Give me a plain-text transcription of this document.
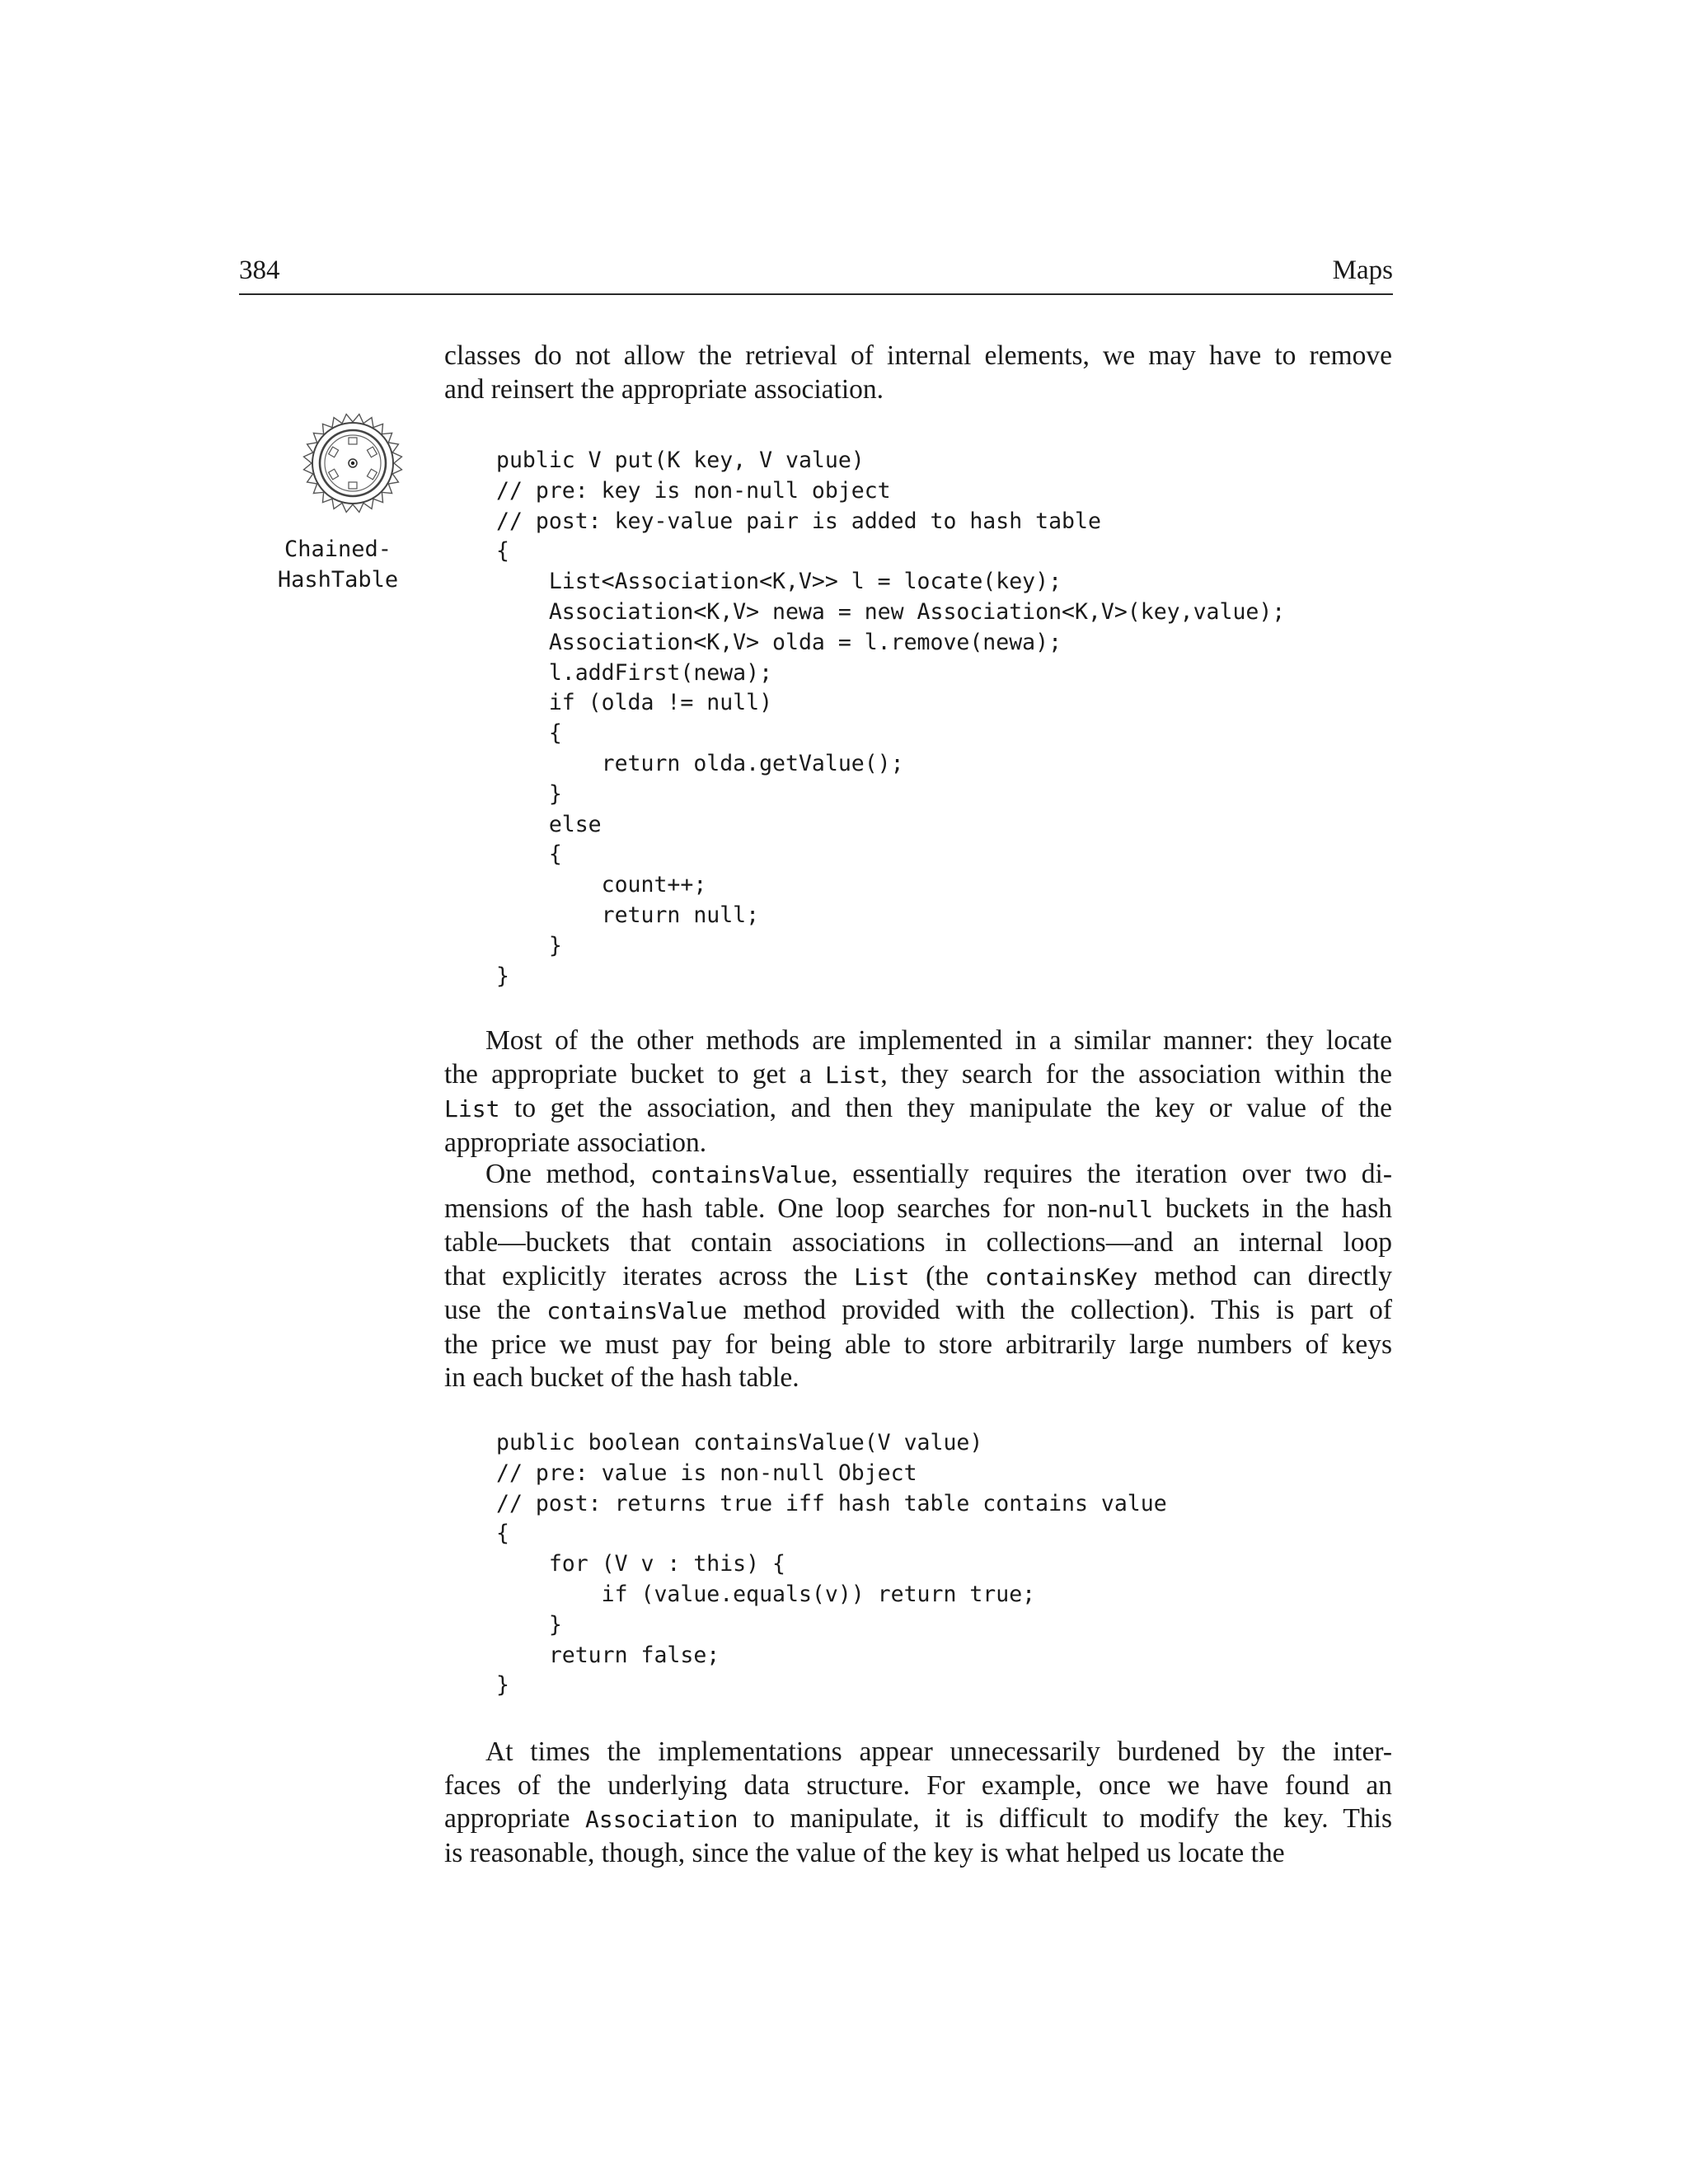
384	Maps
classes do not allow the retrieval of internal elements, we may have to remove
and reinsert the appropriate association.
Chained-
HashTable
public V put(K key, V value)
// pre: key is non-null object
// post: key-value pair is added to hash table
{
List<Association<K,V>> l = locate(key);
Association<K,V> newa = new Association<K,V>(key,value);
Association<K,V> olda = l.remove(newa);
l.addFirst(newa);
if (olda != null)
{
return olda.getValue();
}
else
{
count++;
return null;
}
}
Most of the other methods are implemented in a similar manner: they locate
the appropriate bucket to get a List, they search for the association within the
List to get the association, and then they manipulate the key or value of the
appropriate association.
One method, containsValue, essentially requires the iteration over two di-
mensions of the hash table. One loop searches for non-null buckets in the hash
table—buckets that contain associations in collections—and an internal loop
that explicitly iterates across the List (the containsKey method can directly
use the containsValue method provided with the collection). This is part of
the price we must pay for being able to store arbitrarily large numbers of keys
in each bucket of the hash table.
public boolean containsValue(V value)
// pre: value is non-null Object
// post: returns true iff hash table contains value
{
for (V v : this) {
if (value.equals(v)) return true;
}
return false;
}
At times the implementations appear unnecessarily burdened by the inter-
faces of the underlying data structure. For example, once we have found an
appropriate Association to manipulate, it is difficult to modify the key. This
is reasonable, though, since the value of the key is what helped us locate the
